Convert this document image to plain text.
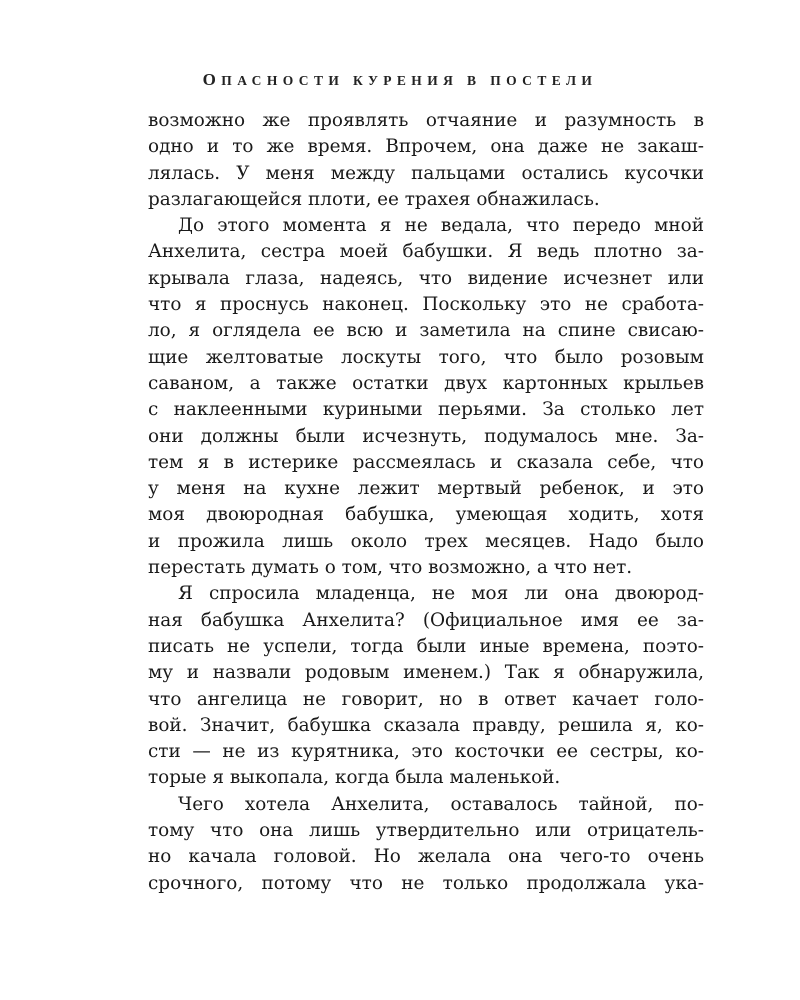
ОПАСНОСТИ КУРЕНИЯ В ПОСТЕЛИ
возможно же проявлять отчаяние и разумность в
одно и то же время. Впрочем, она даже не закаш-
лялась. У меня между пальцами остались кусочки
разлагающейся плоти, ее трахея обнажилась.
До этого момента я не ведала, что передо мной
Анхелита, сестра моей бабушки. Я ведь плотно за-
крывала глаза, надеясь, что видение исчезнет или
что я проснусь наконец. Поскольку это не сработа-
ло, я оглядела ее всю и заметила на спине свисаю-
щие желтоватые лоскуты того, что было розовым
саваном, а также остатки двух картонных крыльев
с наклеенными куриными перьями. За столько лет
они должны были исчезнуть, подумалось мне. За-
тем я в истерике рассмеялась и сказала себе, что
у меня на кухне лежит мертвый ребенок, и это
моя двоюродная бабушка, умеющая ходить, хотя
и прожила лишь около трех месяцев. Надо было
перестать думать о том, что возможно, а что нет.
Я спросила младенца, не моя ли она двоюрод-
ная бабушка Анхелита? (Официальное имя ее за-
писать не успели, тогда были иные времена, поэто-
му и назвали родовым именем.) Так я обнаружила,
что ангелица не говорит, но в ответ качает голо-
вой. Значит, бабушка сказала правду, решила я, ко-
сти — не из курятника, это косточки ее сестры, ко-
торые я выкопала, когда была маленькой.
Чего хотела Анхелита, оставалось тайной, по-
тому что она лишь утвердительно или отрицатель-
но качала головой. Но желала она чего-то очень
срочного, потому что не только продолжала ука-
